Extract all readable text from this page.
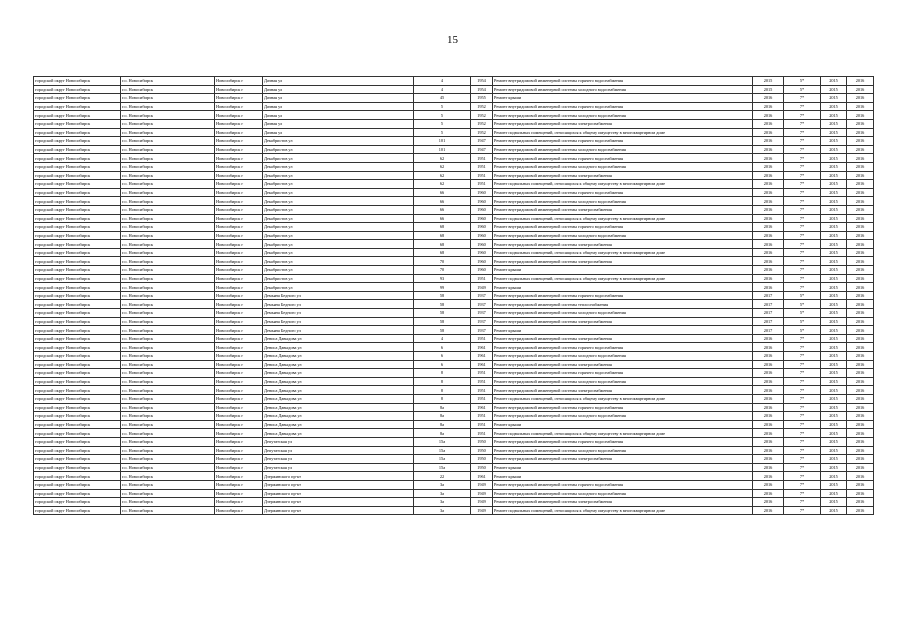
15
городской округ Новосибирск	г.о. Новосибирск	Новосибирск г	Дачная ул	4	1954	Ремонт внутридомовой инженерной системы горячего водоснабжения	2015	5*	2015	2016
городской округ Новосибирск	г.о. Новосибирск	Новосибирск г	Дачная ул	4	1954	Ремонт внутридомовой инженерной системы холодного водоснабжения	2015	5*	2015	2016
городской округ Новосибирск	г.о. Новосибирск	Новосибирск г	Дачная ул	45	1955	Ремонт крыши	2016	7*	2015	2016
городской округ Новосибирск	г.о. Новосибирск	Новосибирск г	Дачная ул	5	1952	Ремонт внутридомовой инженерной системы горячего водоснабжения	2016	7*	2015	2016
городской округ Новосибирск	г.о. Новосибирск	Новосибирск г	Дачная ул	5	1952	Ремонт внутридомовой инженерной системы холодного водоснабжения	2016	7*	2015	2016
городской округ Новосибирск	г.о. Новосибирск	Новосибирск г	Дачная ул	5	1952	Ремонт внутридомовой инженерной системы электроснабжения	2016	7*	2015	2016
городской округ Новосибирск	г.о. Новосибирск	Новосибирск г	Дачная ул	5	1952	Ремонт подвальных помещений, относящихся к общему имуществу в многоквартирном доме	2016	7*	2015	2016
городской округ Новосибирск	г.о. Новосибирск	Новосибирск г	Декабристов ул	101	1947	Ремонт внутридомовой инженерной системы горячего водоснабжения	2016	7*	2015	2016
городской округ Новосибирск	г.о. Новосибирск	Новосибирск г	Декабристов ул	101	1947	Ремонт внутридомовой инженерной системы холодного водоснабжения	2016	7*	2015	2016
городской округ Новосибирск	г.о. Новосибирск	Новосибирск г	Декабристов ул	62	1951	Ремонт внутридомовой инженерной системы горячего водоснабжения	2016	7*	2015	2016
городской округ Новосибирск	г.о. Новосибирск	Новосибирск г	Декабристов ул	62	1951	Ремонт внутридомовой инженерной системы холодного водоснабжения	2016	7*	2015	2016
городской округ Новосибирск	г.о. Новосибирск	Новосибирск г	Декабристов ул	62	1951	Ремонт внутридомовой инженерной системы электроснабжения	2016	7*	2015	2016
городской округ Новосибирск	г.о. Новосибирск	Новосибирск г	Декабристов ул	62	1951	Ремонт подвальных помещений, относящихся к общему имуществу в многоквартирном доме	2016	7*	2015	2016
городской округ Новосибирск	г.о. Новосибирск	Новосибирск г	Декабристов ул	66	1960	Ремонт внутридомовой инженерной системы горячего водоснабжения	2016	7*	2015	2016
городской округ Новосибирск	г.о. Новосибирск	Новосибирск г	Декабристов ул	66	1960	Ремонт внутридомовой инженерной системы холодного водоснабжения	2016	7*	2015	2016
городской округ Новосибирск	г.о. Новосибирск	Новосибирск г	Декабристов ул	66	1960	Ремонт внутридомовой инженерной системы электроснабжения	2016	7*	2015	2016
городской округ Новосибирск	г.о. Новосибирск	Новосибирск г	Декабристов ул	66	1960	Ремонт подвальных помещений, относящихся к общему имуществу в многоквартирном доме	2016	7*	2015	2016
городской округ Новосибирск	г.о. Новосибирск	Новосибирск г	Декабристов ул	68	1960	Ремонт внутридомовой инженерной системы горячего водоснабжения	2016	7*	2015	2016
городской округ Новосибирск	г.о. Новосибирск	Новосибирск г	Декабристов ул	68	1960	Ремонт внутридомовой инженерной системы холодного водоснабжения	2016	7*	2015	2016
городской округ Новосибирск	г.о. Новосибирск	Новосибирск г	Декабристов ул	68	1960	Ремонт внутридомовой инженерной системы электроснабжения	2016	7*	2015	2016
городской округ Новосибирск	г.о. Новосибирск	Новосибирск г	Декабристов ул	68	1960	Ремонт подвальных помещений, относящихся к общему имуществу в многоквартирном доме	2016	7*	2015	2016
городской округ Новосибирск	г.о. Новосибирск	Новосибирск г	Декабристов ул	70	1960	Ремонт внутридомовой инженерной системы электроснабжения	2016	7*	2015	2016
городской округ Новосибирск	г.о. Новосибирск	Новосибирск г	Декабристов ул	70	1960	Ремонт крыши	2016	7*	2015	2016
городской округ Новосибирск	г.о. Новосибирск	Новосибирск г	Декабристов ул	93	1951	Ремонт подвальных помещений, относящихся к общему имуществу в многоквартирном доме	2016	7*	2015	2016
городской округ Новосибирск	г.о. Новосибирск	Новосибирск г	Декабристов ул	99	1949	Ремонт крыши	2016	7*	2015	2016
городской округ Новосибирск	г.о. Новосибирск	Новосибирск г	Демьяна Бедного ул	58	1937	Ремонт внутридомовой инженерной системы горячего водоснабжения	2017	5*	2015	2016
городской округ Новосибирск	г.о. Новосибирск	Новосибирск г	Демьяна Бедного ул	58	1937	Ремонт внутридомовой инженерной системы теплоснабжения	2017	5*	2015	2016
городской округ Новосибирск	г.о. Новосибирск	Новосибирск г	Демьяна Бедного ул	58	1937	Ремонт внутридомовой инженерной системы холодного водоснабжения	2017	5*	2015	2016
городской округ Новосибирск	г.о. Новосибирск	Новосибирск г	Демьяна Бедного ул	58	1937	Ремонт внутридомовой инженерной системы электроснабжения	2017	5*	2015	2016
городской округ Новосибирск	г.о. Новосибирск	Новосибирск г	Демьяна Бедного ул	58	1937	Ремонт крыши	2017	5*	2015	2016
городской округ Новосибирск	г.о. Новосибирск	Новосибирск г	Дениса Давыдова ул	4	1951	Ремонт внутридомовой инженерной системы электроснабжения	2016	7*	2015	2016
городской округ Новосибирск	г.о. Новосибирск	Новосибирск г	Дениса Давыдова ул	6	1961	Ремонт внутридомовой инженерной системы горячего водоснабжения	2016	7*	2015	2016
городской округ Новосибирск	г.о. Новосибирск	Новосибирск г	Дениса Давыдова ул	6	1961	Ремонт внутридомовой инженерной системы холодного водоснабжения	2016	7*	2015	2016
городской округ Новосибирск	г.о. Новосибирск	Новосибирск г	Дениса Давыдова ул	6	1961	Ремонт внутридомовой инженерной системы электроснабжения	2016	7*	2015	2016
городской округ Новосибирск	г.о. Новосибирск	Новосибирск г	Дениса Давыдова ул	8	1951	Ремонт внутридомовой инженерной системы горячего водоснабжения	2016	7*	2015	2016
городской округ Новосибирск	г.о. Новосибирск	Новосибирск г	Дениса Давыдова ул	8	1951	Ремонт внутридомовой инженерной системы холодного водоснабжения	2016	7*	2015	2016
городской округ Новосибирск	г.о. Новосибирск	Новосибирск г	Дениса Давыдова ул	8	1951	Ремонт внутридомовой инженерной системы электроснабжения	2016	7*	2015	2016
городской округ Новосибирск	г.о. Новосибирск	Новосибирск г	Дениса Давыдова ул	8	1951	Ремонт подвальных помещений, относящихся к общему имуществу в многоквартирном доме	2016	7*	2015	2016
городской округ Новосибирск	г.о. Новосибирск	Новосибирск г	Дениса Давыдова ул	8а	1961	Ремонт внутридомовой инженерной системы горячего водоснабжения	2016	7*	2015	2016
городской округ Новосибирск	г.о. Новосибирск	Новосибирск г	Дениса Давыдова ул	8а	1951	Ремонт внутридомовой инженерной системы холодного водоснабжения	2016	7*	2015	2016
городской округ Новосибирск	г.о. Новосибирск	Новосибирск г	Дениса Давыдова ул	8а	1951	Ремонт крыши	2016	7*	2015	2016
городской округ Новосибирск	г.о. Новосибирск	Новосибирск г	Дениса Давыдова ул	8а	1951	Ремонт подвальных помещений, относящихся к общему имуществу в многоквартирном доме	2016	7*	2015	2016
городской округ Новосибирск	г.о. Новосибирск	Новосибирск г	Депутатская ул	15а	1950	Ремонт внутридомовой инженерной системы горячего водоснабжения	2016	7*	2015	2016
городской округ Новосибирск	г.о. Новосибирск	Новосибирск г	Депутатская ул	15а	1950	Ремонт внутридомовой инженерной системы холодного водоснабжения	2016	7*	2015	2016
городской округ Новосибирск	г.о. Новосибирск	Новосибирск г	Депутатская ул	15а	1950	Ремонт внутридомовой инженерной системы электроснабжения	2016	7*	2015	2016
городской округ Новосибирск	г.о. Новосибирск	Новосибирск г	Депутатская ул	15а	1950	Ремонт крыши	2016	7*	2015	2016
городской округ Новосибирск	г.о. Новосибирск	Новосибирск г	Дзержинского пр-кт	22	1961	Ремонт крыши	2016	7*	2015	2016
городской округ Новосибирск	г.о. Новосибирск	Новосибирск г	Дзержинского пр-кт	3а	1949	Ремонт внутридомовой инженерной системы горячего водоснабжения	2016	7*	2015	2016
городской округ Новосибирск	г.о. Новосибирск	Новосибирск г	Дзержинского пр-кт	3а	1949	Ремонт внутридомовой инженерной системы холодного водоснабжения	2016	7*	2015	2016
городской округ Новосибирск	г.о. Новосибирск	Новосибирск г	Дзержинского пр-кт	3а	1949	Ремонт внутридомовой инженерной системы электроснабжения	2016	7*	2015	2016
городской округ Новосибирск	г.о. Новосибирск	Новосибирск г	Дзержинского пр-кт	3а	1949	Ремонт подвальных помещений, относящихся к общему имуществу в многоквартирном доме	2016	7*	2015	2016
